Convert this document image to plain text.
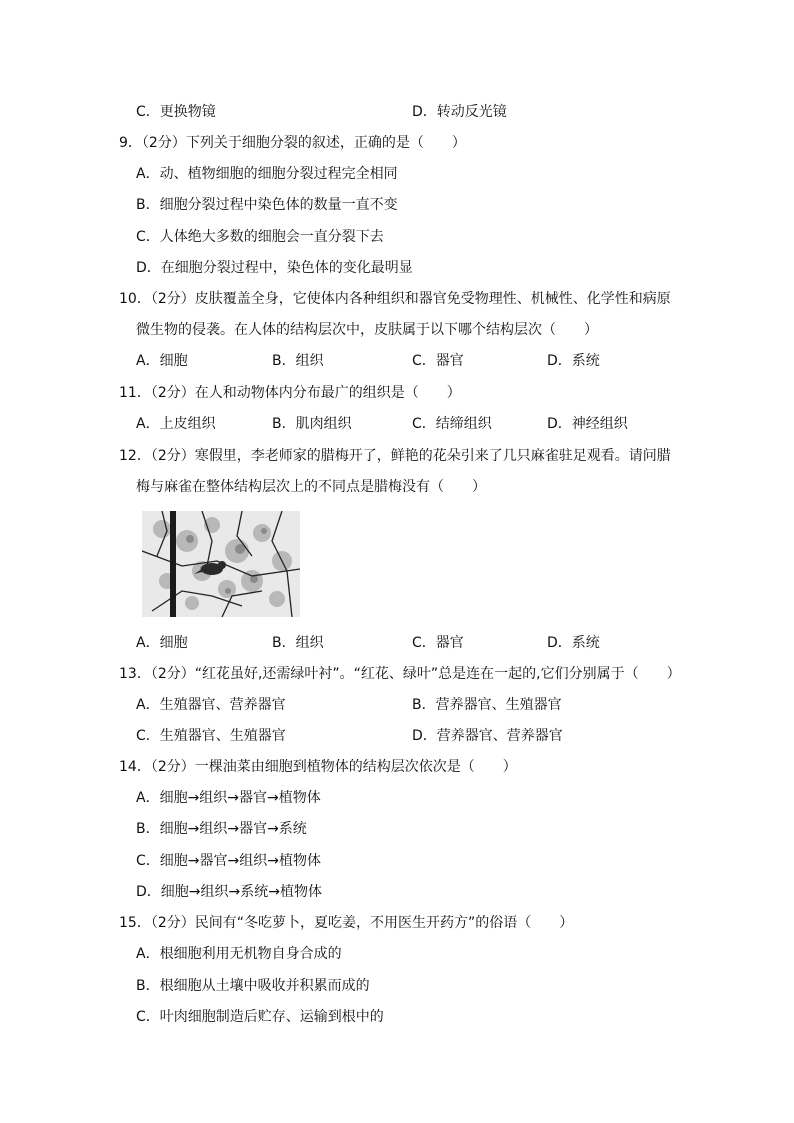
C．更换物镜	D．转动反光镜
9．（2分）下列关于细胞分裂的叙述，正确的是（　　）
A．动、植物细胞的细胞分裂过程完全相同
B．细胞分裂过程中染色体的数量一直不变
C．人体绝大多数的细胞会一直分裂下去
D．在细胞分裂过程中，染色体的变化最明显
10．（2分）皮肤覆盖全身，它使体内各种组织和器官免受物理性、机械性、化学性和病原
微生物的侵袭。在人体的结构层次中，皮肤属于以下哪个结构层次（　　）
A．细胞	B．组织	C．器官	D．系统
11．（2分）在人和动物体内分布最广的组织是（　　）
A．上皮组织	B．肌肉组织	C．结缔组织	D．神经组织
12．（2分）寒假里，李老师家的腊梅开了，鲜艳的花朵引来了几只麻雀驻足观看。请问腊
梅与麻雀在整体结构层次上的不同点是腊梅没有（　　）
A．细胞	B．组织	C．器官	D．系统
13．（2分）“红花虽好,还需绿叶衬”。“红花、绿叶”总是连在一起的,它们分别属于（　　）
A．生殖器官、营养器官	B．营养器官、生殖器官
C．生殖器官、生殖器官	D．营养器官、营养器官
14．（2分）一棵油菜由细胞到植物体的结构层次依次是（　　）
A．细胞→组织→器官→植物体
B．细胞→组织→器官→系统
C．细胞→器官→组织→植物体
D．细胞→组织→系统→植物体
15．（2分）民间有“冬吃萝卜，夏吃姜，不用医生开药方”的俗语（　　）
A．根细胞利用无机物自身合成的
B．根细胞从土壤中吸收并积累而成的
C．叶肉细胞制造后贮存、运输到根中的
